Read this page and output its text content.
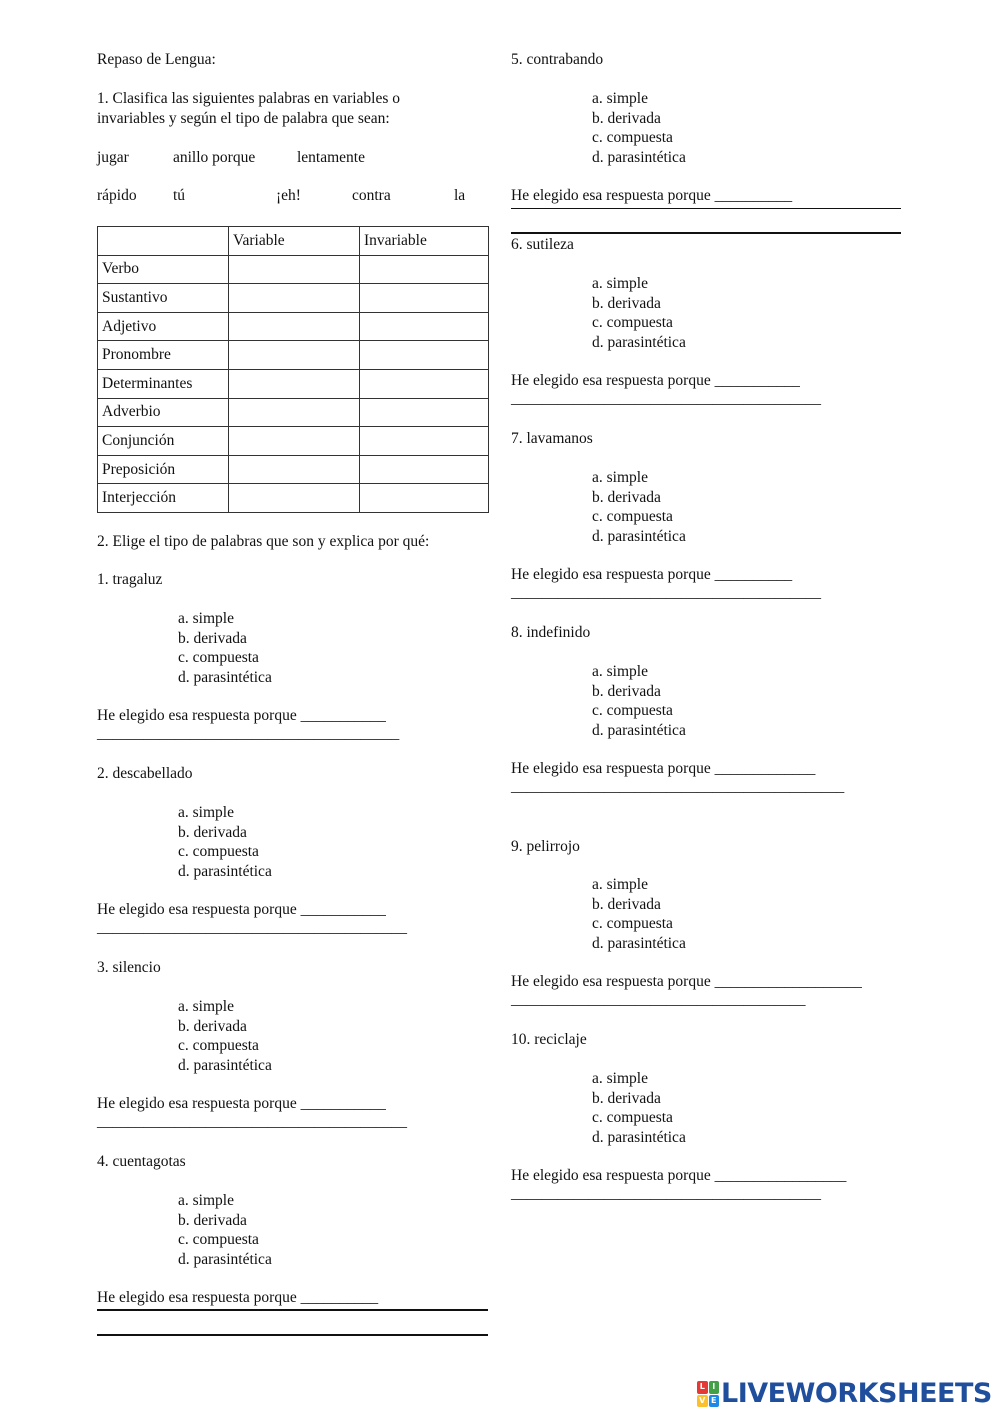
Repaso de Lengua:
1. Clasifica las siguientes palabras en variables o
invariables y según el tipo de palabra que sean:
jugar	anillo porque	lentamente
rápido tú	¡eh!	contra	la
	Variable	Invariable
Verbo		
Sustantivo		
Adjetivo		
Pronombre		
Determinantes		
Adverbio		
Conjunción		
Preposición		
Interjección		
2. Elige el tipo de palabras que son y explica por qué:
1. tragaluz
a. simple
b. derivada
c. compuesta
d. parasintética
He elegido esa respuesta porque ___________
_______________________________________
2. descabellado
a. simple
b. derivada
c. compuesta
d. parasintética
He elegido esa respuesta porque ___________
________________________________________
3. silencio
a. simple
b. derivada
c. compuesta
d. parasintética
He elegido esa respuesta porque ___________
________________________________________
4. cuentagotas
a. simple
b. derivada
c. compuesta
d. parasintética
He elegido esa respuesta porque __________
5. contrabando
a. simple
b. derivada
c. compuesta
d. parasintética
He elegido esa respuesta porque __________
6. sutileza
a. simple
b. derivada
c. compuesta
d. parasintética
He elegido esa respuesta porque ___________
________________________________________
7. lavamanos
a. simple
b. derivada
c. compuesta
d. parasintética
He elegido esa respuesta porque __________
________________________________________
8. indefinido
a. simple
b. derivada
c. compuesta
d. parasintética
He elegido esa respuesta porque _____________
___________________________________________
9. pelirrojo
a. simple
b. derivada
c. compuesta
d. parasintética
He elegido esa respuesta porque ___________________
______________________________________
10. reciclaje
a. simple
b. derivada
c. compuesta
d. parasintética
He elegido esa respuesta porque _________________
________________________________________
L I
V E LIVEWORKSHEETS
